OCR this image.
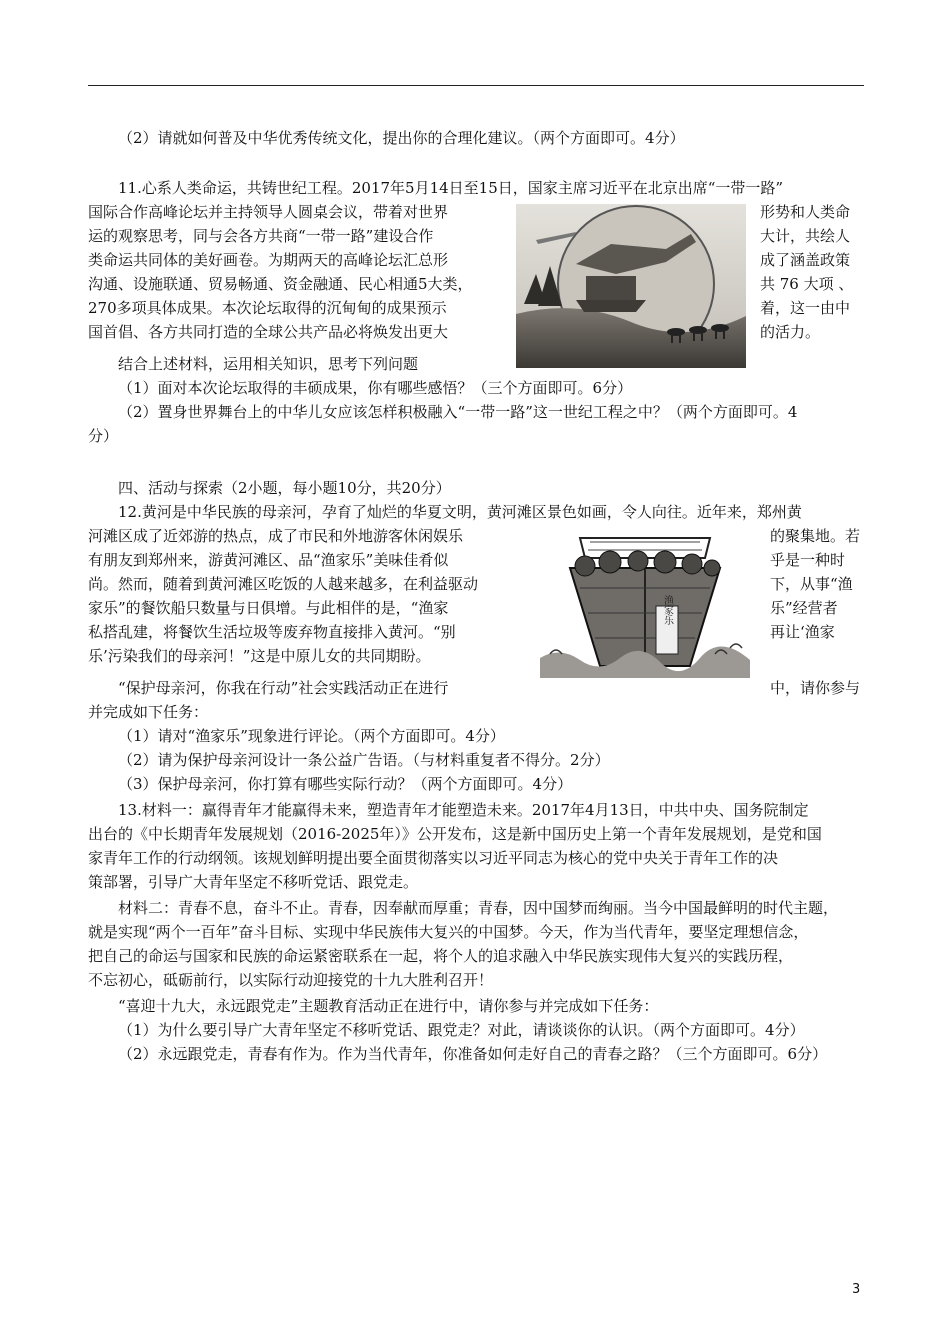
（2）请就如何普及中华优秀传统文化，提出你的合理化建议。（两个方面即可。4分）
11.心系人类命运，共铸世纪工程。2017年5月14日至15日，国家主席习近平在北京出席“一带一路”
国际合作高峰论坛并主持领导人圆桌会议，带着对世界
运的观察思考，同与会各方共商“一带一路”建设合作
类命运共同体的美好画卷。为期两天的高峰论坛汇总形
沟通、设施联通、贸易畅通、资金融通、民心相通5大类，
270多项具体成果。本次论坛取得的沉甸甸的成果预示
国首倡、各方共同打造的全球公共产品必将焕发出更大
结合上述材料，运用相关知识，思考下列问题
形势和人类命
大计，共绘人
成了涵盖政策
共 76 大项 、
着，这一由中
的活力。
（1）面对本次论坛取得的丰硕成果，你有哪些感悟？（三个方面即可。6分）
（2）置身世界舞台上的中华儿女应该怎样积极融入“一带一路”这一世纪工程之中？（两个方面即可。4
分）
四、活动与探索（2小题，每小题10分，共20分）
12.黄河是中华民族的母亲河，孕育了灿烂的华夏文明，黄河滩区景色如画，令人向往。近年来，郑州黄
河滩区成了近郊游的热点，成了市民和外地游客休闲娱乐
有朋友到郑州来，游黄河滩区、品“渔家乐”美味佳肴似
尚。然而，随着到黄河滩区吃饭的人越来越多，在利益驱动
家乐”的餐饮船只数量与日俱增。与此相伴的是，“渔家
私搭乱建，将餐饮生活垃圾等废弃物直接排入黄河。“别
乐’污染我们的母亲河！”这是中原儿女的共同期盼。
“保护母亲河，你我在行动”社会实践活动正在进行
的聚集地。若
乎是一种时
下，从事“渔
乐”经营者
再让‘渔家
中，请你参与
渔家乐
并完成如下任务：
（1）请对“渔家乐”现象进行评论。（两个方面即可。4分）
（2）请为保护母亲河设计一条公益广告语。（与材料重复者不得分。2分）
（3）保护母亲河，你打算有哪些实际行动？（两个方面即可。4分）
13.材料一：赢得青年才能赢得未来，塑造青年才能塑造未来。2017年4月13日，中共中央、国务院制定
出台的《中长期青年发展规划（2016-2025年）》公开发布，这是新中国历史上第一个青年发展规划，是党和国
家青年工作的行动纲领。该规划鲜明提出要全面贯彻落实以习近平同志为核心的党中央关于青年工作的决
策部署，引导广大青年坚定不移听党话、跟党走。
材料二：青春不息，奋斗不止。青春，因奉献而厚重；青春，因中国梦而绚丽。当今中国最鲜明的时代主题，
就是实现“两个一百年”奋斗目标、实现中华民族伟大复兴的中国梦。今天，作为当代青年，要坚定理想信念，
把自己的命运与国家和民族的命运紧密联系在一起，将个人的追求融入中华民族实现伟大复兴的实践历程，
不忘初心，砥砺前行，以实际行动迎接党的十九大胜利召开！
“喜迎十九大，永远跟党走”主题教育活动正在进行中，请你参与并完成如下任务：
（1）为什么要引导广大青年坚定不移听党话、跟党走？对此，请谈谈你的认识。（两个方面即可。4分）
（2）永远跟党走，青春有作为。作为当代青年，你准备如何走好自己的青春之路？（三个方面即可。6分）
3
